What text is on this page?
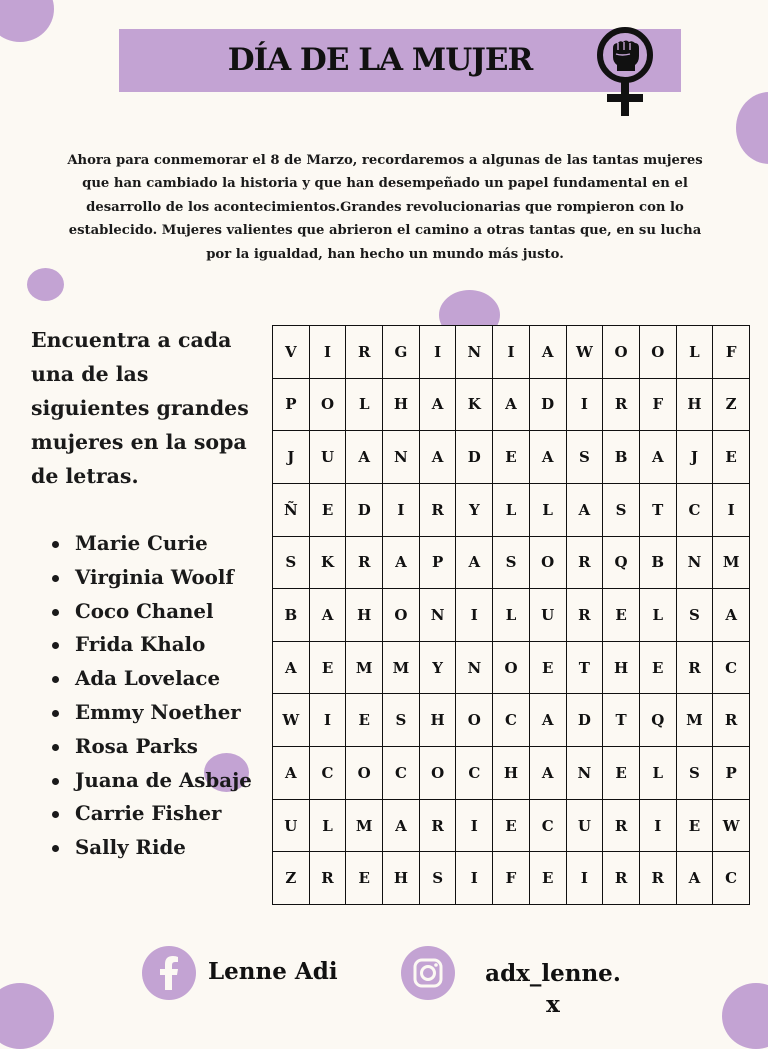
DÍA DE LA MUJER

Ahora para conmemorar el 8 de Marzo, recordaremos a algunas de las tantas mujeres que han cambiado la historia y que han desempeñado un papel fundamental en el desarrollo de los acontecimientos.Grandes revolucionarias que rompieron con lo establecido. Mujeres valientes que abrieron el camino a otras tantas que, en su lucha por la igualdad, han hecho un mundo más justo.

Encuentra a cada una de las siguientes grandes mujeres en la sopa de letras.

Marie Curie
Virginia Woolf
Coco Chanel
Frida Khalo
Ada Lovelace
Emmy Noether
Rosa Parks
Juana de Asbaje
Carrie Fisher
Sally Ride
V	I	R	G	I	N	I	A	W	O	O	L	F
P	O	L	H	A	K	A	D	I	R	F	H	Z
J	U	A	N	A	D	E	A	S	B	A	J	E
Ñ	E	D	I	R	Y	L	L	A	S	T	C	I
S	K	R	A	P	A	S	O	R	Q	B	N	M
B	A	H	O	N	I	L	U	R	E	L	S	A
A	E	M	M	Y	N	O	E	T	H	E	R	C
W	I	E	S	H	O	C	A	D	T	Q	M	R
A	C	O	C	O	C	H	A	N	E	L	S	P
U	L	M	A	R	I	E	C	U	R	I	E	W
Z	R	E	H	S	I	F	E	I	R	R	A	C
Lenne Adi	adx_lenne.
x
